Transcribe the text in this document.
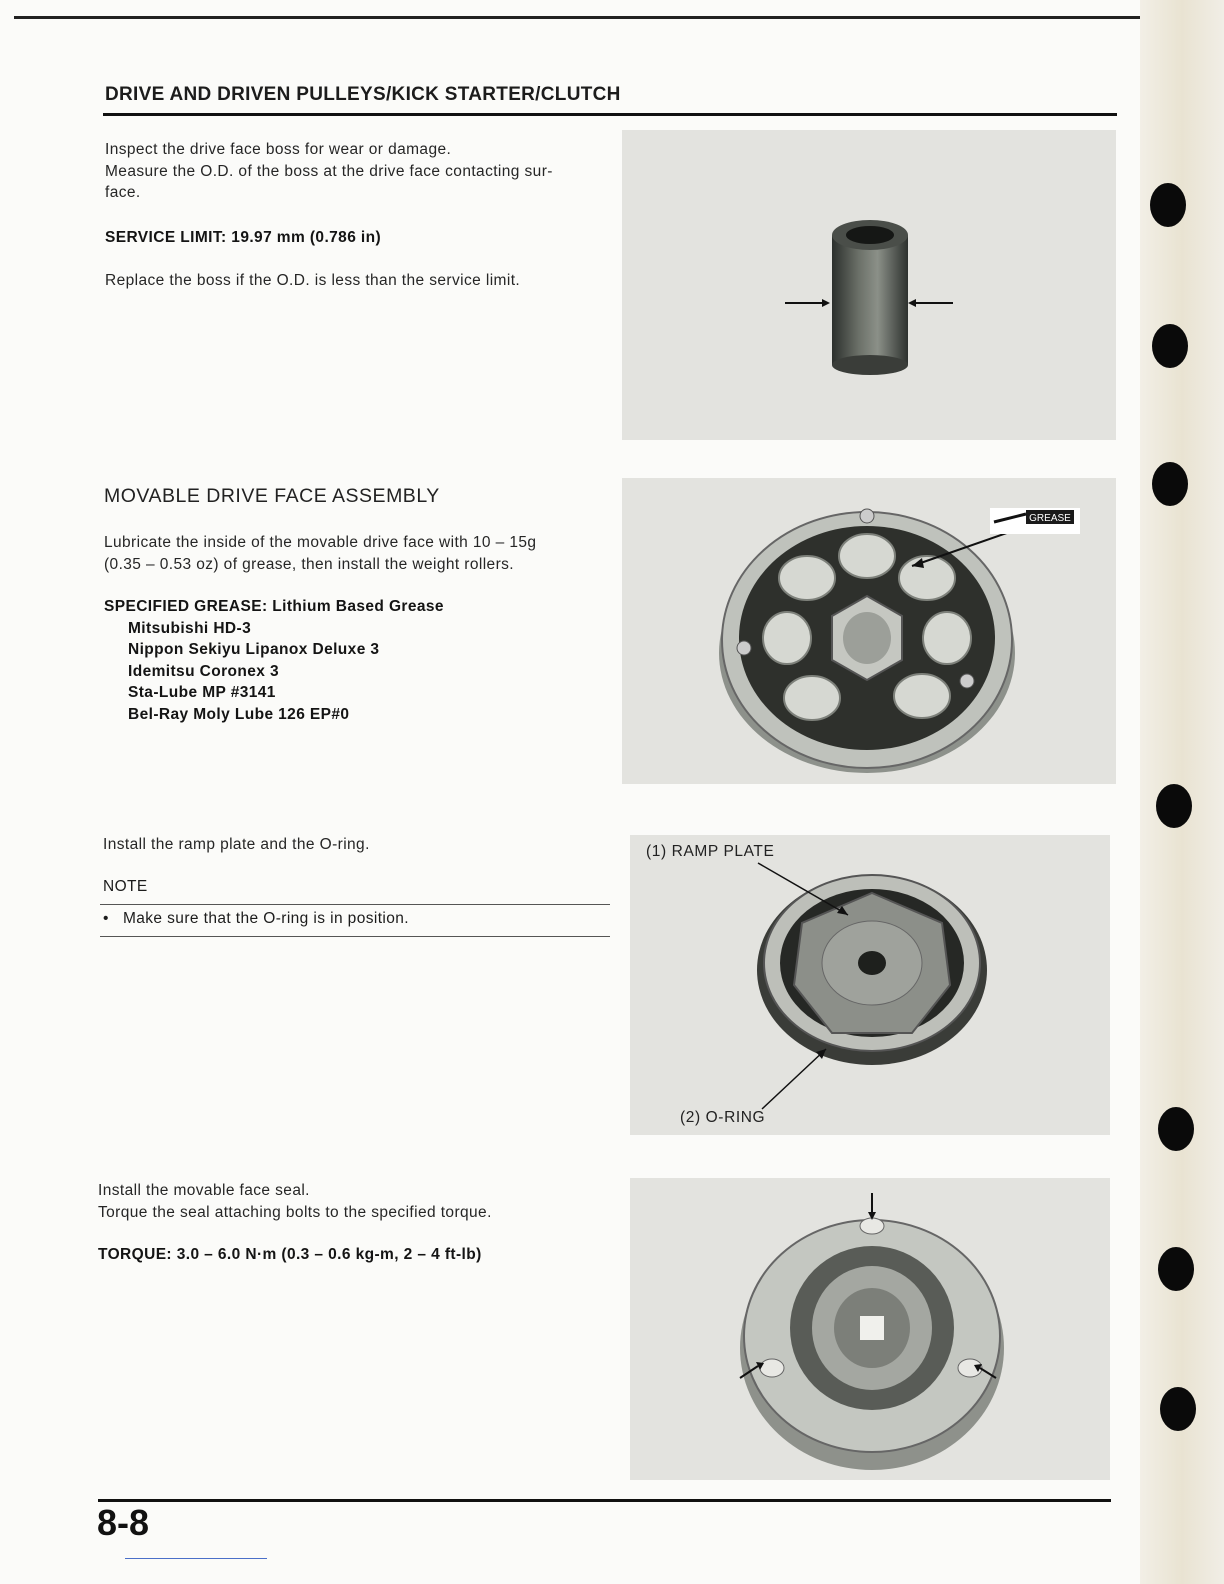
DRIVE AND DRIVEN PULLEYS/KICK STARTER/CLUTCH

Inspect the drive face boss for wear or damage.

Measure the O.D. of the boss at the drive face contacting sur-

face.

SERVICE LIMIT: 19.97 mm (0.786 in)
Replace the boss if the O.D. is less than the service limit.
MOVABLE DRIVE FACE ASSEMBLY

Lubricate the inside of the movable drive face with 10 – 15g

(0.35 – 0.53 oz) of grease, then install the weight rollers.

SPECIFIED GREASE: Lithium Based Grease

Mitsubishi HD-3

Nippon Sekiyu Lipanox Deluxe 3

Idemitsu Coronex 3

Sta-Lube MP #3141

Bel-Ray Moly Lube 126 EP#0

GREASE
Install the ramp plate and the O-ring.
NOTE
• Make sure that the O-ring is in position.
(1) RAMP PLATE
(2) O-RING

Install the movable face seal.

Torque the seal attaching bolts to the specified torque.

TORQUE: 3.0 – 6.0 N·m (0.3 – 0.6 kg-m, 2 – 4 ft-lb)
8-8
